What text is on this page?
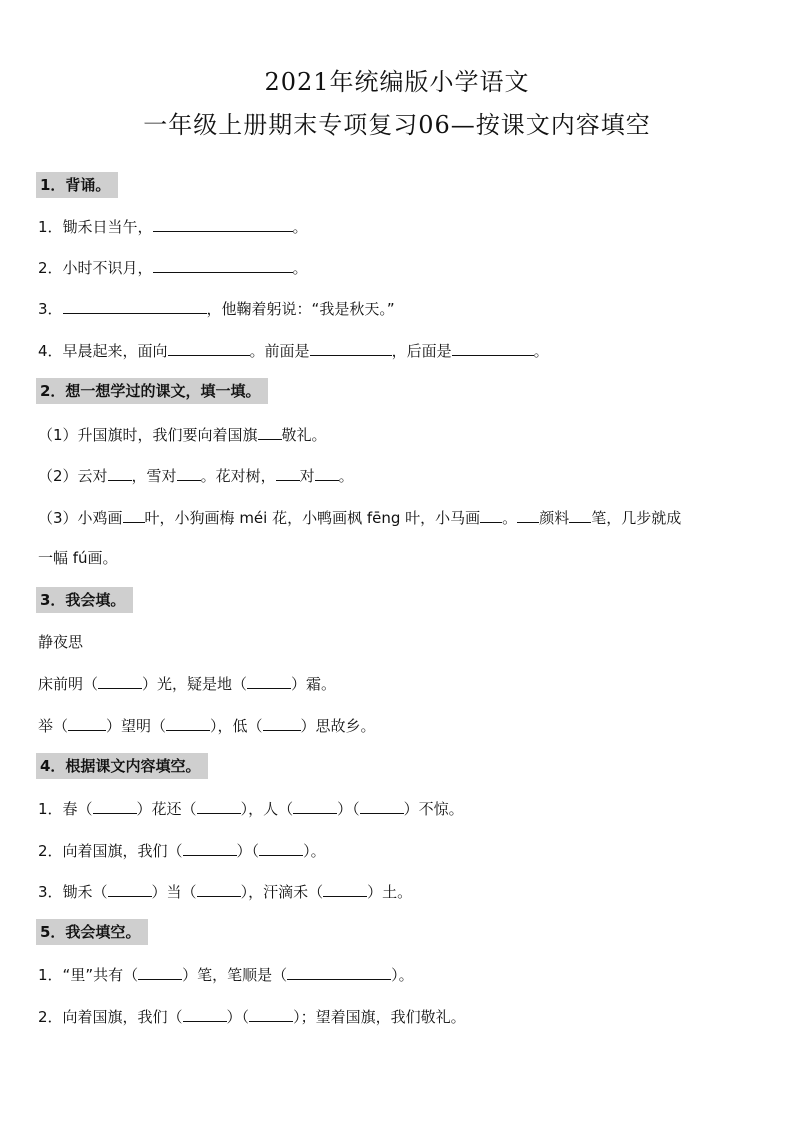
2021年统编版小学语文
一年级上册期末专项复习06—按课文内容填空
1．背诵。
1．锄禾日当午，	。
2．小时不识月，	。
3．	，他鞠着躬说：“我是秋天。”
4．早晨起来，面向	。前面是	，后面是	。
2．想一想学过的课文，填一填。
（1）升国旗时，我们要向着国旗 敬礼。
（2）云对 ，雪对 。花对树， 对 。
（3）小鸡画 叶，小狗画梅 méi 花，小鸭画枫 fēng 叶，小马画 。 颜料 笔，几步就成
一幅 fú画。
3．我会填。
静夜思
床前明（	）光，疑是地（	）霜。
举（	）望明（	），低（	）思故乡。
4．根据课文内容填空。
1．春（	）花还（	），人（	）（	）不惊。
2．向着国旗，我们（	）（	）。
3．锄禾（	）当（	），汗滴禾（	）土。
5．我会填空。
1．“里”共有（	）笔，笔顺是（	）。
2．向着国旗，我们（	）（	）；望着国旗，我们敬礼。
